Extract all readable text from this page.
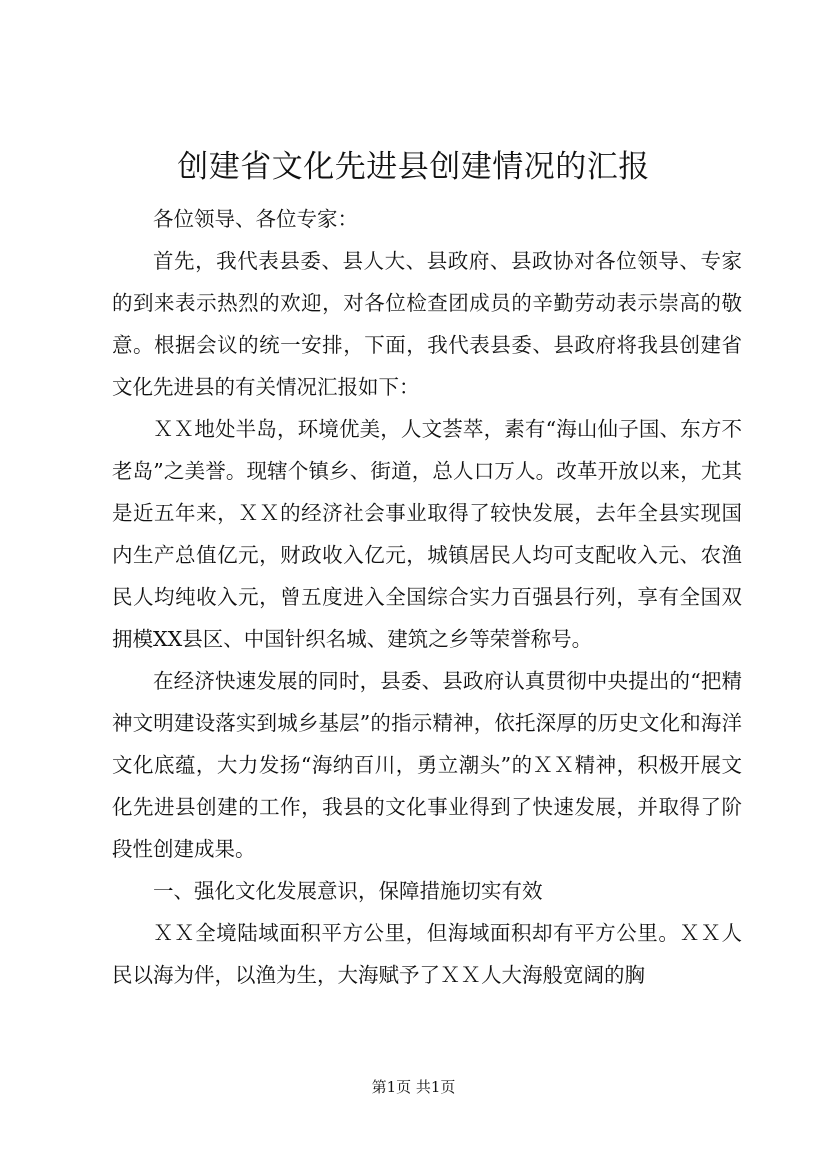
创建省文化先进县创建情况的汇报

各位领导、各位专家：

首先，我代表县委、县人大、县政府、县政协对各位领导、专家的到来表示热烈的欢迎，对各位检查团成员的辛勤劳动表示崇高的敬意。根据会议的统一安排，下面，我代表县委、县政府将我县创建省文化先进县的有关情况汇报如下：

ＸＸ地处半岛，环境优美，人文荟萃，素有“海山仙子国、东方不老岛”之美誉。现辖个镇乡、街道，总人口万人。改革开放以来，尤其是近五年来，ＸＸ的经济社会事业取得了较快发展，去年全县实现国内生产总值亿元，财政收入亿元，城镇居民人均可支配收入元、农渔民人均纯收入元，曾五度进入全国综合实力百强县行列，享有全国双拥模XX县区、中国针织名城、建筑之乡等荣誉称号。

在经济快速发展的同时，县委、县政府认真贯彻中央提出的“把精神文明建设落实到城乡基层”的指示精神，依托深厚的历史文化和海洋文化底蕴，大力发扬“海纳百川，勇立潮头”的ＸＸ精神，积极开展文化先进县创建的工作，我县的文化事业得到了快速发展，并取得了阶段性创建成果。

一、强化文化发展意识，保障措施切实有效

ＸＸ全境陆域面积平方公里，但海域面积却有平方公里。ＸＸ人民以海为伴，以渔为生，大海赋予了ＸＸ人大海般宽阔的胸

第1页 共1页
